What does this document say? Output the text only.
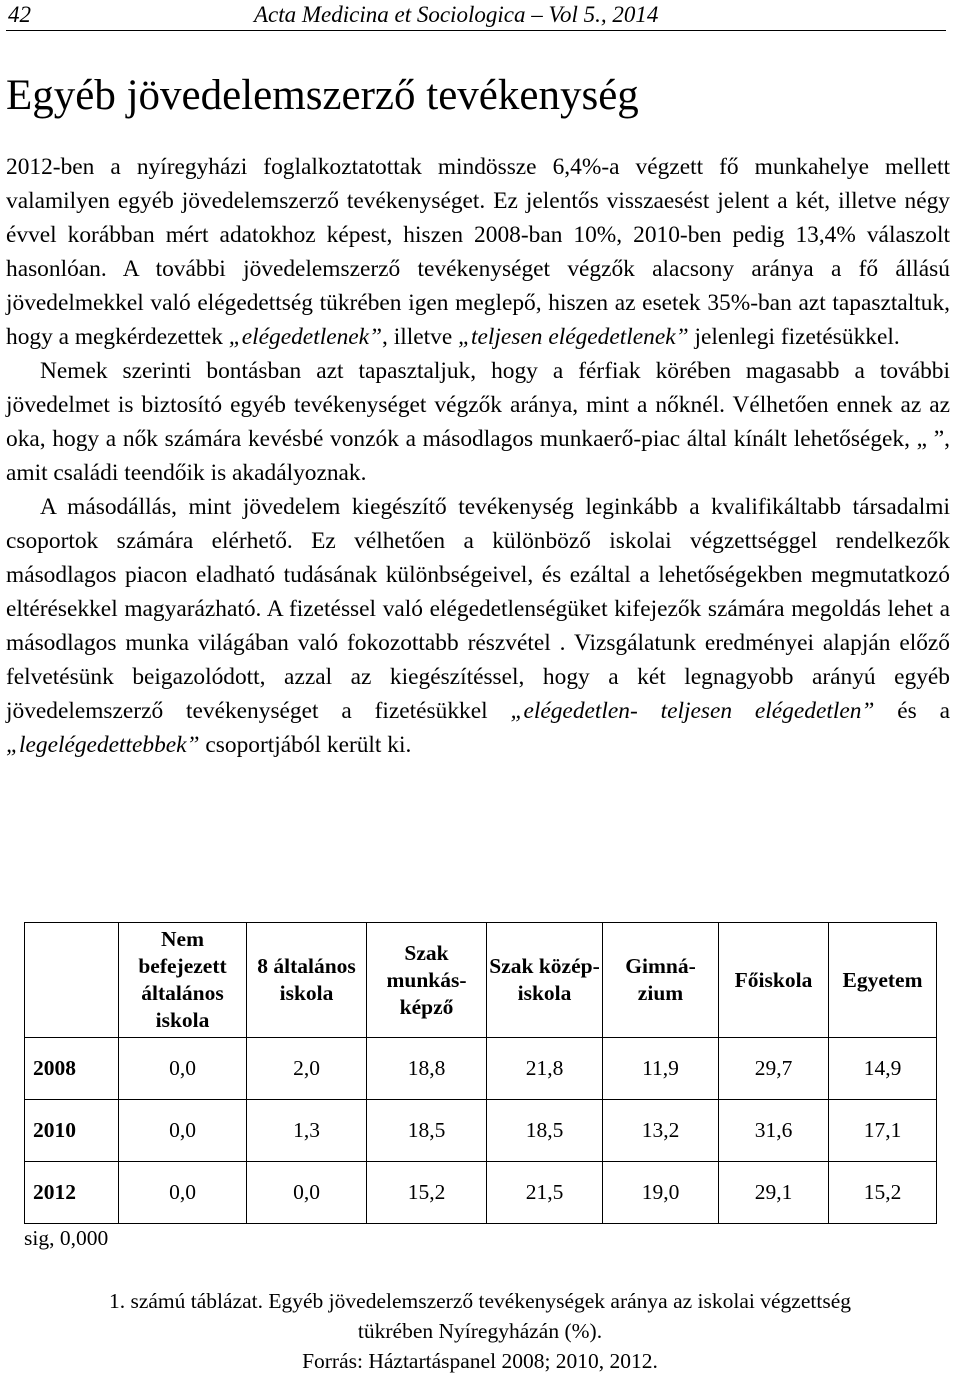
42	Acta Medicina et Sociologica – Vol 5., 2014
Egyéb jövedelemszerző tevékenység

2012-ben a nyíregyházi foglalkoztatottak mindössze 6,4%-a végzett fő munkahelye mellett valamilyen egyéb jövedelemszerző tevékenységet. Ez jelentős visszaesést jelent a két, illetve négy évvel korábban mért adatokhoz képest, hiszen 2008-ban 10%, 2010-ben pedig 13,4% válaszolt hasonlóan. A további jövedelemszerző tevékenységet végzők alacsony aránya a fő állású jövedelmekkel való elégedettség tükrében igen meglepő, hiszen az esetek 35%-ban azt tapasztaltuk, hogy a megkérdezettek „elégedetlenek”, illetve „teljesen elégedetlenek” jelenlegi fizetésükkel.

Nemek szerinti bontásban azt tapasztaljuk, hogy a férfiak körében magasabb a további jövedelmet is biztosító egyéb tevékenységet végzők aránya, mint a nőknél. Vélhetően ennek az az oka, hogy a nők számára kevésbé vonzók a másodlagos munkaerő-piac által kínált lehetőségek, „ ”, amit családi teendőik is akadályoznak.

A másodállás, mint jövedelem kiegészítő tevékenység leginkább a kvalifikáltabb társadalmi csoportok számára elérhető. Ez vélhetően a különböző iskolai végzettséggel rendelkezők másodlagos piacon eladható tudásának különbségeivel, és ezáltal a lehetőségekben megmutatkozó eltérésekkel magyarázható. A fizetéssel való elégedetlenségüket kifejezők számára megoldás lehet a másodlagos munka világában való fokozottabb részvétel . Vizsgálatunk eredményei alapján előző felvetésünk beigazolódott, azzal az kiegészítéssel, hogy a két legnagyobb arányú egyéb jövedelemszerző tevékenységet a fizetésükkel „elégedetlen- teljesen elégedetlen” és a „legelégedettebbek” csoportjából került ki.

	Nem befejezett általános iskola	8 általános iskola	Szak munkás-képző	Szak közép-iskola	Gimná-zium	Főiskola	Egyetem
2008	0,0	2,0	18,8	21,8	11,9	29,7	14,9
2010	0,0	1,3	18,5	18,5	13,2	31,6	17,1
2012	0,0	0,0	15,2	21,5	19,0	29,1	15,2
sig, 0,000
1. számú táblázat. Egyéb jövedelemszerző tevékenységek aránya az iskolai végzettség
tükrében Nyíregyházán (%).
Forrás: Háztartáspanel 2008; 2010, 2012.
